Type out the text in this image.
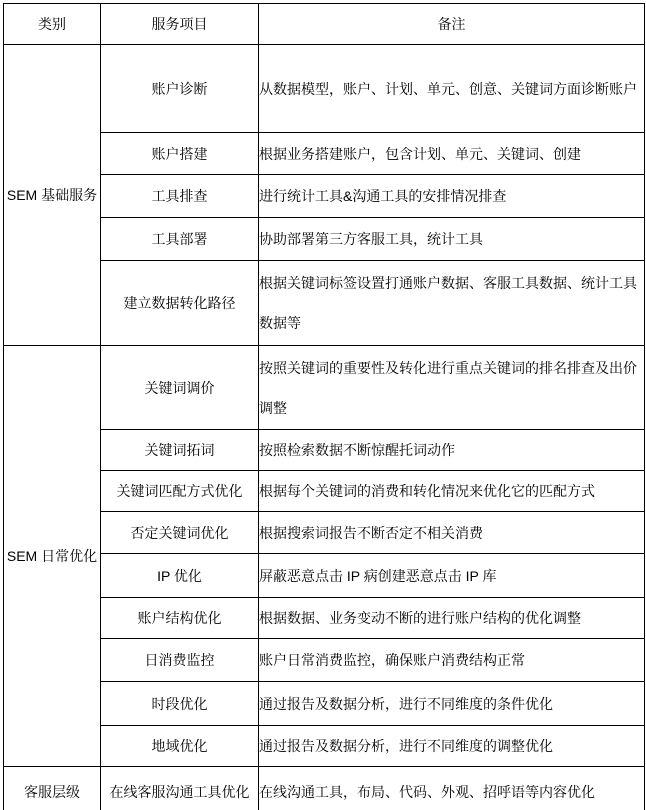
类别	服务项目	备注
SEM 基础服务	账户诊断	从数据模型，账户、计划、单元、创意、关键词方面诊断账户
	账户搭建	根据业务搭建账户，包含计划、单元、关键词、创建
	工具排查	进行统计工具&沟通工具的安排情况排查
	工具部署	协助部署第三方客服工具，统计工具
	建立数据转化路径	根据关键词标签设置打通账户数据、客服工具数据、统计工具数据等
SEM 日常优化	关键词调价	按照关键词的重要性及转化进行重点关键词的排名排查及出价调整
	关键词拓词	按照检索数据不断惊醒托词动作
	关键词匹配方式优化	根据每个关键词的消费和转化情况来优化它的匹配方式
	否定关键词优化	根据搜索词报告不断否定不相关消费
	IP 优化	屏蔽恶意点击 IP 病创建恶意点击 IP 库
	账户结构优化	根据数据、业务变动不断的进行账户结构的优化调整
	日消费监控	账户日常消费监控，确保账户消费结构正常
	时段优化	通过报告及数据分析，进行不同维度的条件优化
	地域优化	通过报告及数据分析，进行不同维度的调整优化
客服层级	在线客服沟通工具优化	在线沟通工具，布局、代码、外观、招呼语等内容优化
